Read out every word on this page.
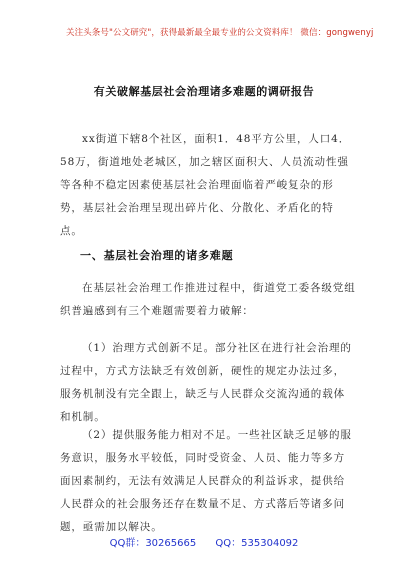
关注头条号"公文研究"，获得最新最全最专业的公文资料库！ 微信：gongwenyj
有关破解基层社会治理诸多难题的调研报告
xx街道下辖8个社区，面积1．48平方公里，人口4．58万，街道地处老城区，加之辖区面积大、人员流动性强等各种不稳定因素使基层社会治理面临着严峻复杂的形势，基层社会治理呈现出碎片化、分散化、矛盾化的特点。
一、基层社会治理的诸多难题
在基层社会治理工作推进过程中，街道党工委各级党组织普遍感到有三个难题需要着力破解：
（1）治理方式创新不足。部分社区在进行社会治理的过程中，方式方法缺乏有效创新，硬性的规定办法过多，服务机制没有完全跟上，缺乏与人民群众交流沟通的载体和机制。
（2）提供服务能力相对不足。一些社区缺乏足够的服务意识，服务水平较低，同时受资金、人员、能力等多方面因素制约，无法有效满足人民群众的利益诉求，提供给人民群众的社会服务还存在数量不足、方式落后等诸多问题，亟需加以解决。
QQ群：30265665 QQ：535304092
